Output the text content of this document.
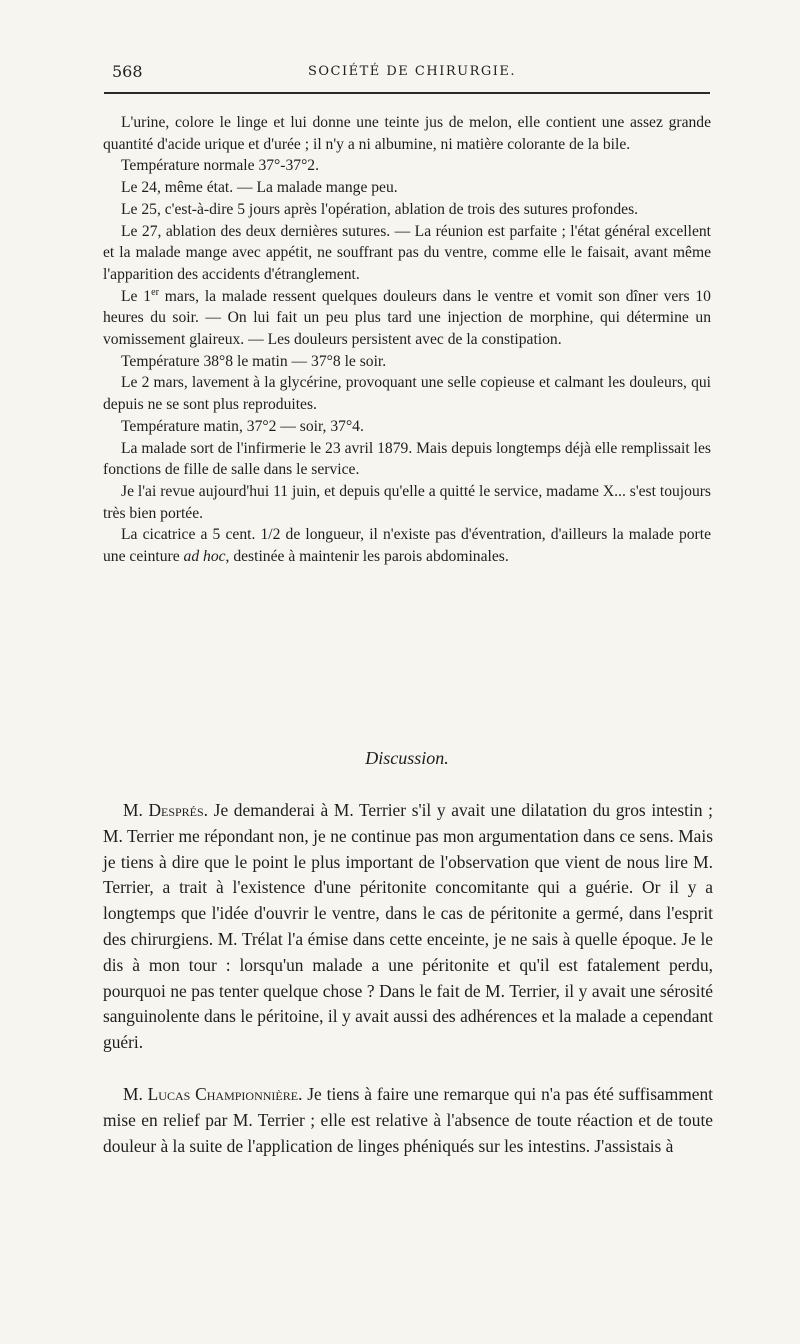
568	SOCIÉTÉ DE CHIRURGIE.

L'urine, colore le linge et lui donne une teinte jus de melon, elle contient une assez grande quantité d'acide urique et d'urée ; il n'y a ni albumine, ni matière colorante de la bile.

Température normale 37°-37°2.

Le 24, même état. — La malade mange peu.

Le 25, c'est-à-dire 5 jours après l'opération, ablation de trois des sutures profondes.

Le 27, ablation des deux dernières sutures. — La réunion est parfaite ; l'état général excellent et la malade mange avec appétit, ne souffrant pas du ventre, comme elle le faisait, avant même l'apparition des accidents d'étranglement.

Le 1er mars, la malade ressent quelques douleurs dans le ventre et vomit son dîner vers 10 heures du soir. — On lui fait un peu plus tard une injection de morphine, qui détermine un vomissement glaireux. — Les douleurs persistent avec de la constipation.

Température 38°8 le matin — 37°8 le soir.

Le 2 mars, lavement à la glycérine, provoquant une selle copieuse et calmant les douleurs, qui depuis ne se sont plus reproduites.

Température matin, 37°2 — soir, 37°4.

La malade sort de l'infirmerie le 23 avril 1879. Mais depuis longtemps déjà elle remplissait les fonctions de fille de salle dans le service.

Je l'ai revue aujourd'hui 11 juin, et depuis qu'elle a quitté le service, madame X... s'est toujours très bien portée.

La cicatrice a 5 cent. 1/2 de longueur, il n'existe pas d'éventration, d'ailleurs la malade porte une ceinture ad hoc, destinée à maintenir les parois abdominales.

Discussion.

M. Després. Je demanderai à M. Terrier s'il y avait une dilatation du gros intestin ; M. Terrier me répondant non, je ne continue pas mon argumentation dans ce sens. Mais je tiens à dire que le point le plus important de l'observation que vient de nous lire M. Terrier, a trait à l'existence d'une péritonite concomitante qui a guérie. Or il y a longtemps que l'idée d'ouvrir le ventre, dans le cas de péritonite a germé, dans l'esprit des chirurgiens. M. Trélat l'a émise dans cette enceinte, je ne sais à quelle époque. Je le dis à mon tour : lorsqu'un malade a une péritonite et qu'il est fatalement perdu, pourquoi ne pas tenter quelque chose ? Dans le fait de M. Terrier, il y avait une sérosité sanguinolente dans le péritoine, il y avait aussi des adhérences et la malade a cependant guéri.

M. Lucas Championnière. Je tiens à faire une remarque qui n'a pas été suffisamment mise en relief par M. Terrier ; elle est relative à l'absence de toute réaction et de toute douleur à la suite de l'application de linges phéniqués sur les intestins. J'assistais à
